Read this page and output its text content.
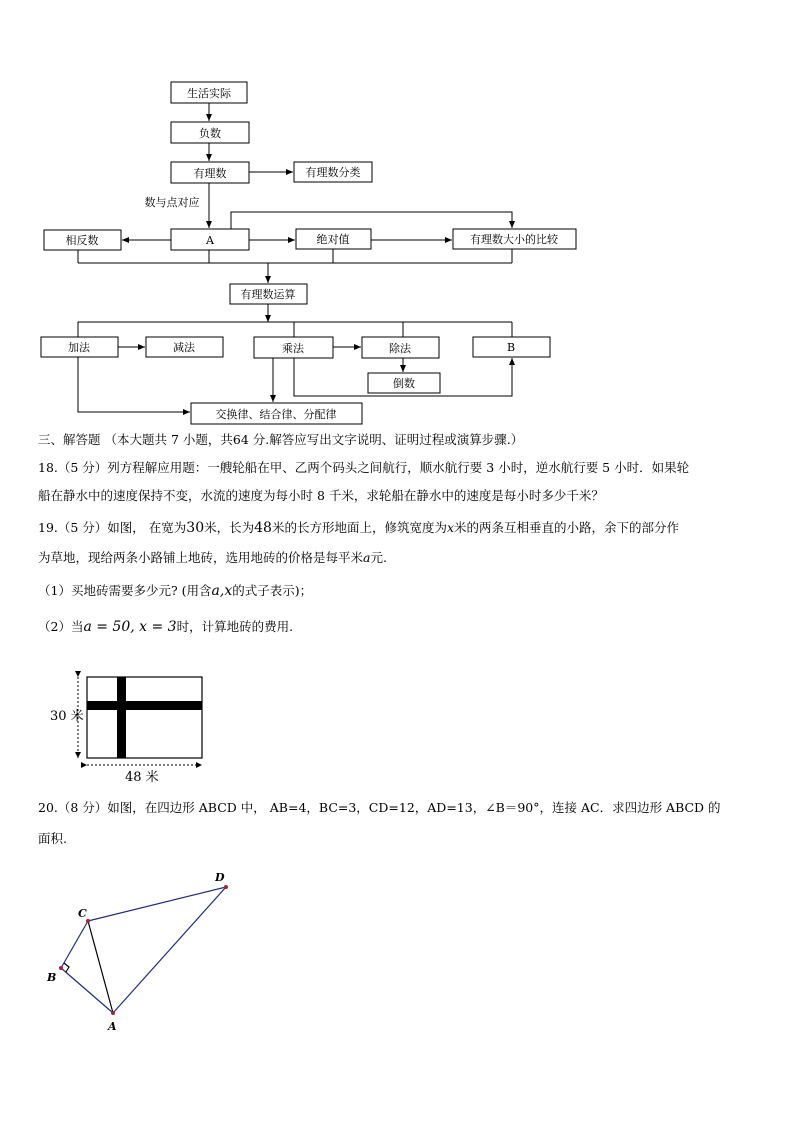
生活实际
负数
有理数	有理数分类
数与点对应
相反数	A	绝对值	有理数大小的比较
有理数运算
加法	减法	乘法	除法	B
倒数
交换律、结合律、分配律
三、解答题 （本大题共 7 小题，共64 分.解答应写出文字说明、证明过程或演算步骤.）
18.（5 分）列方程解应用题：一艘轮船在甲、乙两个码头之间航行，顺水航行要 3 小时，逆水航行要 5 小时．如果轮
船在静水中的速度保持不变，水流的速度为每小时 8 千米，求轮船在静水中的速度是每小时多少千米？
19.（5 分）如图， 在宽为30米，长为48米的长方形地面上，修筑宽度为x米的两条互相垂直的小路，余下的部分作
为草地，现给两条小路铺上地砖，选用地砖的价格是每平米a元.
（1）买地砖需要多少元? (用含a,x的式子表示)；
（2）当a = 50, x = 3时，计算地砖的费用.
30 米
48 米
20.（8 分）如图，在四边形 ABCD 中， AB=4，BC=3，CD=12，AD=13，∠B＝90°，连接 AC．求四边形 ABCD 的
面积.
D
C
B
A
